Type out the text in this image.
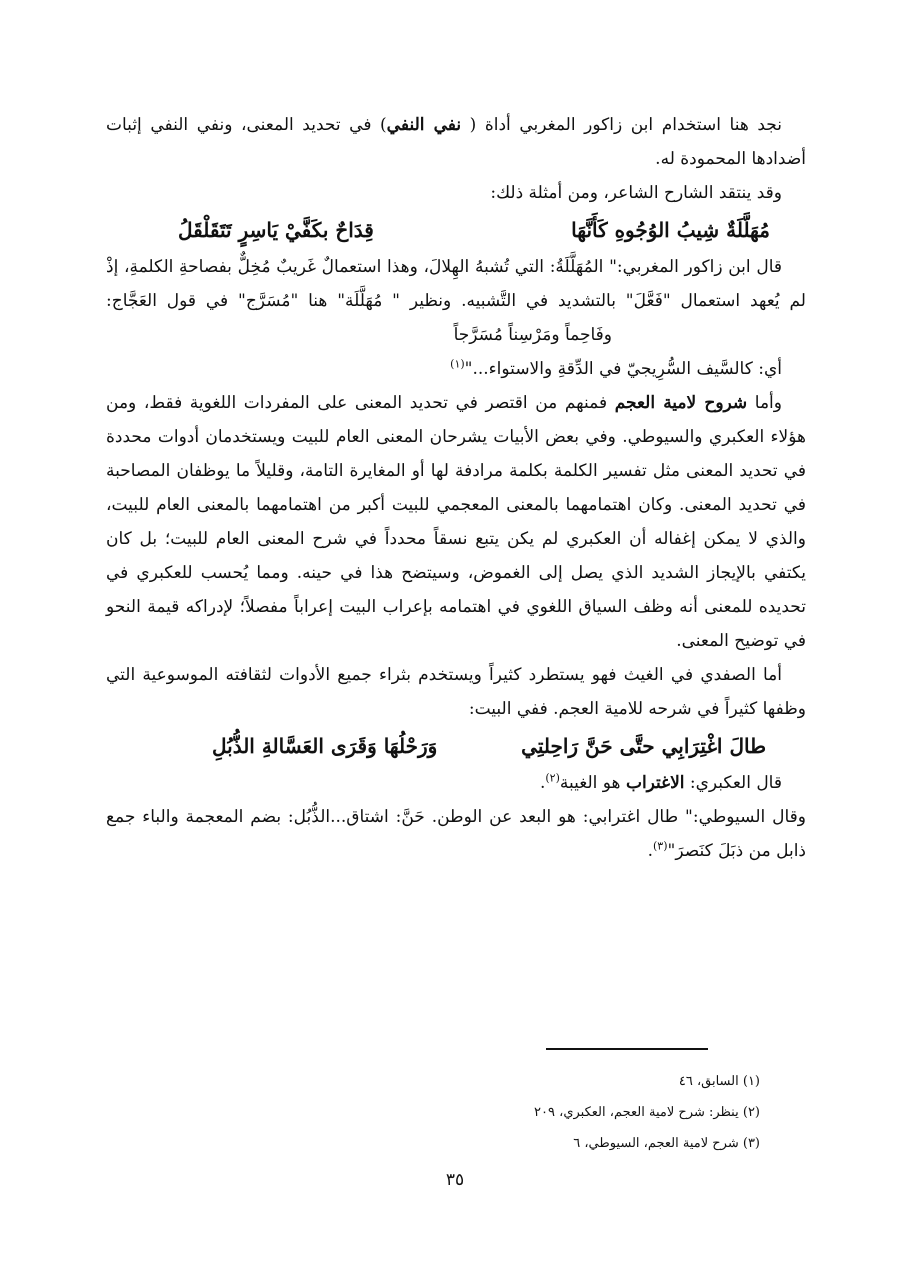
نجد هنا استخدام ابن زاكور المغربي أداة ( نفي النفي) في تحديد المعنى، ونفي النفي إثبات أضدادها المحمودة له.

وقد ينتقد الشارح الشاعر، ومن أمثلة ذلك:

مُهَلَّلَةٌ شِيبُ الوُجُوهِ كَأَنَّهَا
قِدَاحٌ بكَفَّيْ يَاسِرٍ تَتَقَلْقَلُ

قال ابن زاكور المغربي:" المُهَلَّلَةُ: التي تُشبهُ الهِلالَ، وهذا استعمالٌ غَريبٌ مُخِلٌّ بفصاحةِ الكلمةِ، إذْ لم يُعهد استعمال "فَعَّلَ" بالتشديد في التَّشبيه. ونظير " مُهَلَّلَة" هنا "مُسَرَّج" في قول العَجَّاج:وفَاحِماً ومَرْسِناً مُسَرَّجاً

أي: كالسَّيف السُّرِيجيّ في الدِّقةِ والاستواء..."$^{(١)}$

وأما شروح لامية العجم فمنهم من اقتصر في تحديد المعنى على المفردات اللغوية فقط، ومن هؤلاء العكبري والسيوطي. وفي بعض الأبيات يشرحان المعنى العام للبيت ويستخدمان أدوات محددة في تحديد المعنى مثل تفسير الكلمة بكلمة مرادفة لها أو المغايرة التامة، وقليلاً ما يوظفان المصاحبة في تحديد المعنى. وكان اهتمامهما بالمعنى المعجمي للبيت أكبر من اهتمامهما بالمعنى العام للبيت، والذي لا يمكن إغفاله أن العكبري لم يكن يتبع نسقاً محدداً في شرح المعنى العام للبيت؛ بل كان يكتفي بالإيجاز الشديد الذي يصل إلى الغموض، وسيتضح هذا في حينه. ومما يُحسب للعكبري في تحديده للمعنى أنه وظف السياق اللغوي في اهتمامه بإعراب البيت إعراباً مفصلاً؛ لإدراكه قيمة النحو في توضيح المعنى.

أما الصفدي في الغيث فهو يستطرد كثيراً ويستخدم بثراء جميع الأدوات لثقافته الموسوعية التي وظفها كثيراً في شرحه للامية العجم. ففي البيت:

طالَ اغْتِرَابِي حتَّى حَنَّ رَاحِلتِي
وَرَحْلُهَا وَقَرَى العَسَّالةِ الذُّبُلِ

قال العكبري: الاغتراب هو الغيبة$^{(٢)}$.

وقال السيوطي:" طال اغترابي: هو البعد عن الوطن. حَنَّ: اشتاق...الذُّبُل: بضم المعجمة والباء جمع ذابل من ذبَلَ كنَصرَ"$^{(٣)}$.

(١) السابق، ٤٦

(٢) ينظر: شرح لامية العجم، العكبري، ٢٠٩

(٣) شرح لامية العجم، السيوطي، ٦

٣٥
